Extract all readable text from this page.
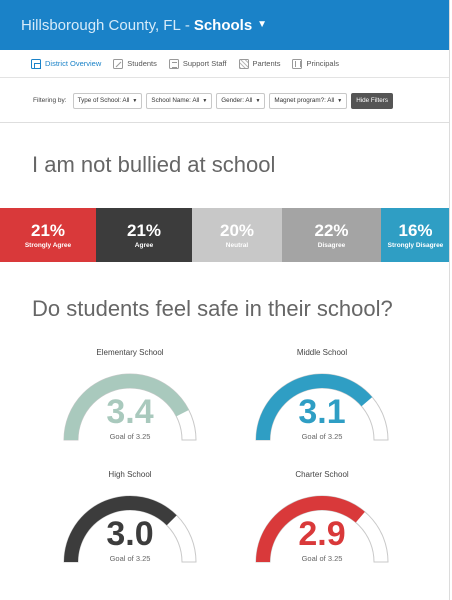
Hillsborough County, FL - Schools ▼
District Overview	Students	Support Staff	Partents	Principals
Filtering by: Type of School: All ▼ School Name: All ▼ Gender: All ▼ Magnet program?: All ▼	Hide Filters
I am not bullied at school
21%
Strongly Agree
21%
Agree
20%
Neutral
22%
Disagree
16%
Strongly Disagree
Do students feel safe in their school?
Elementary School
3.4
Goal of 3.25
Middle School
3.1
Goal of 3.25
High School
3.0
Goal of 3.25
Charter School
2.9
Goal of 3.25
